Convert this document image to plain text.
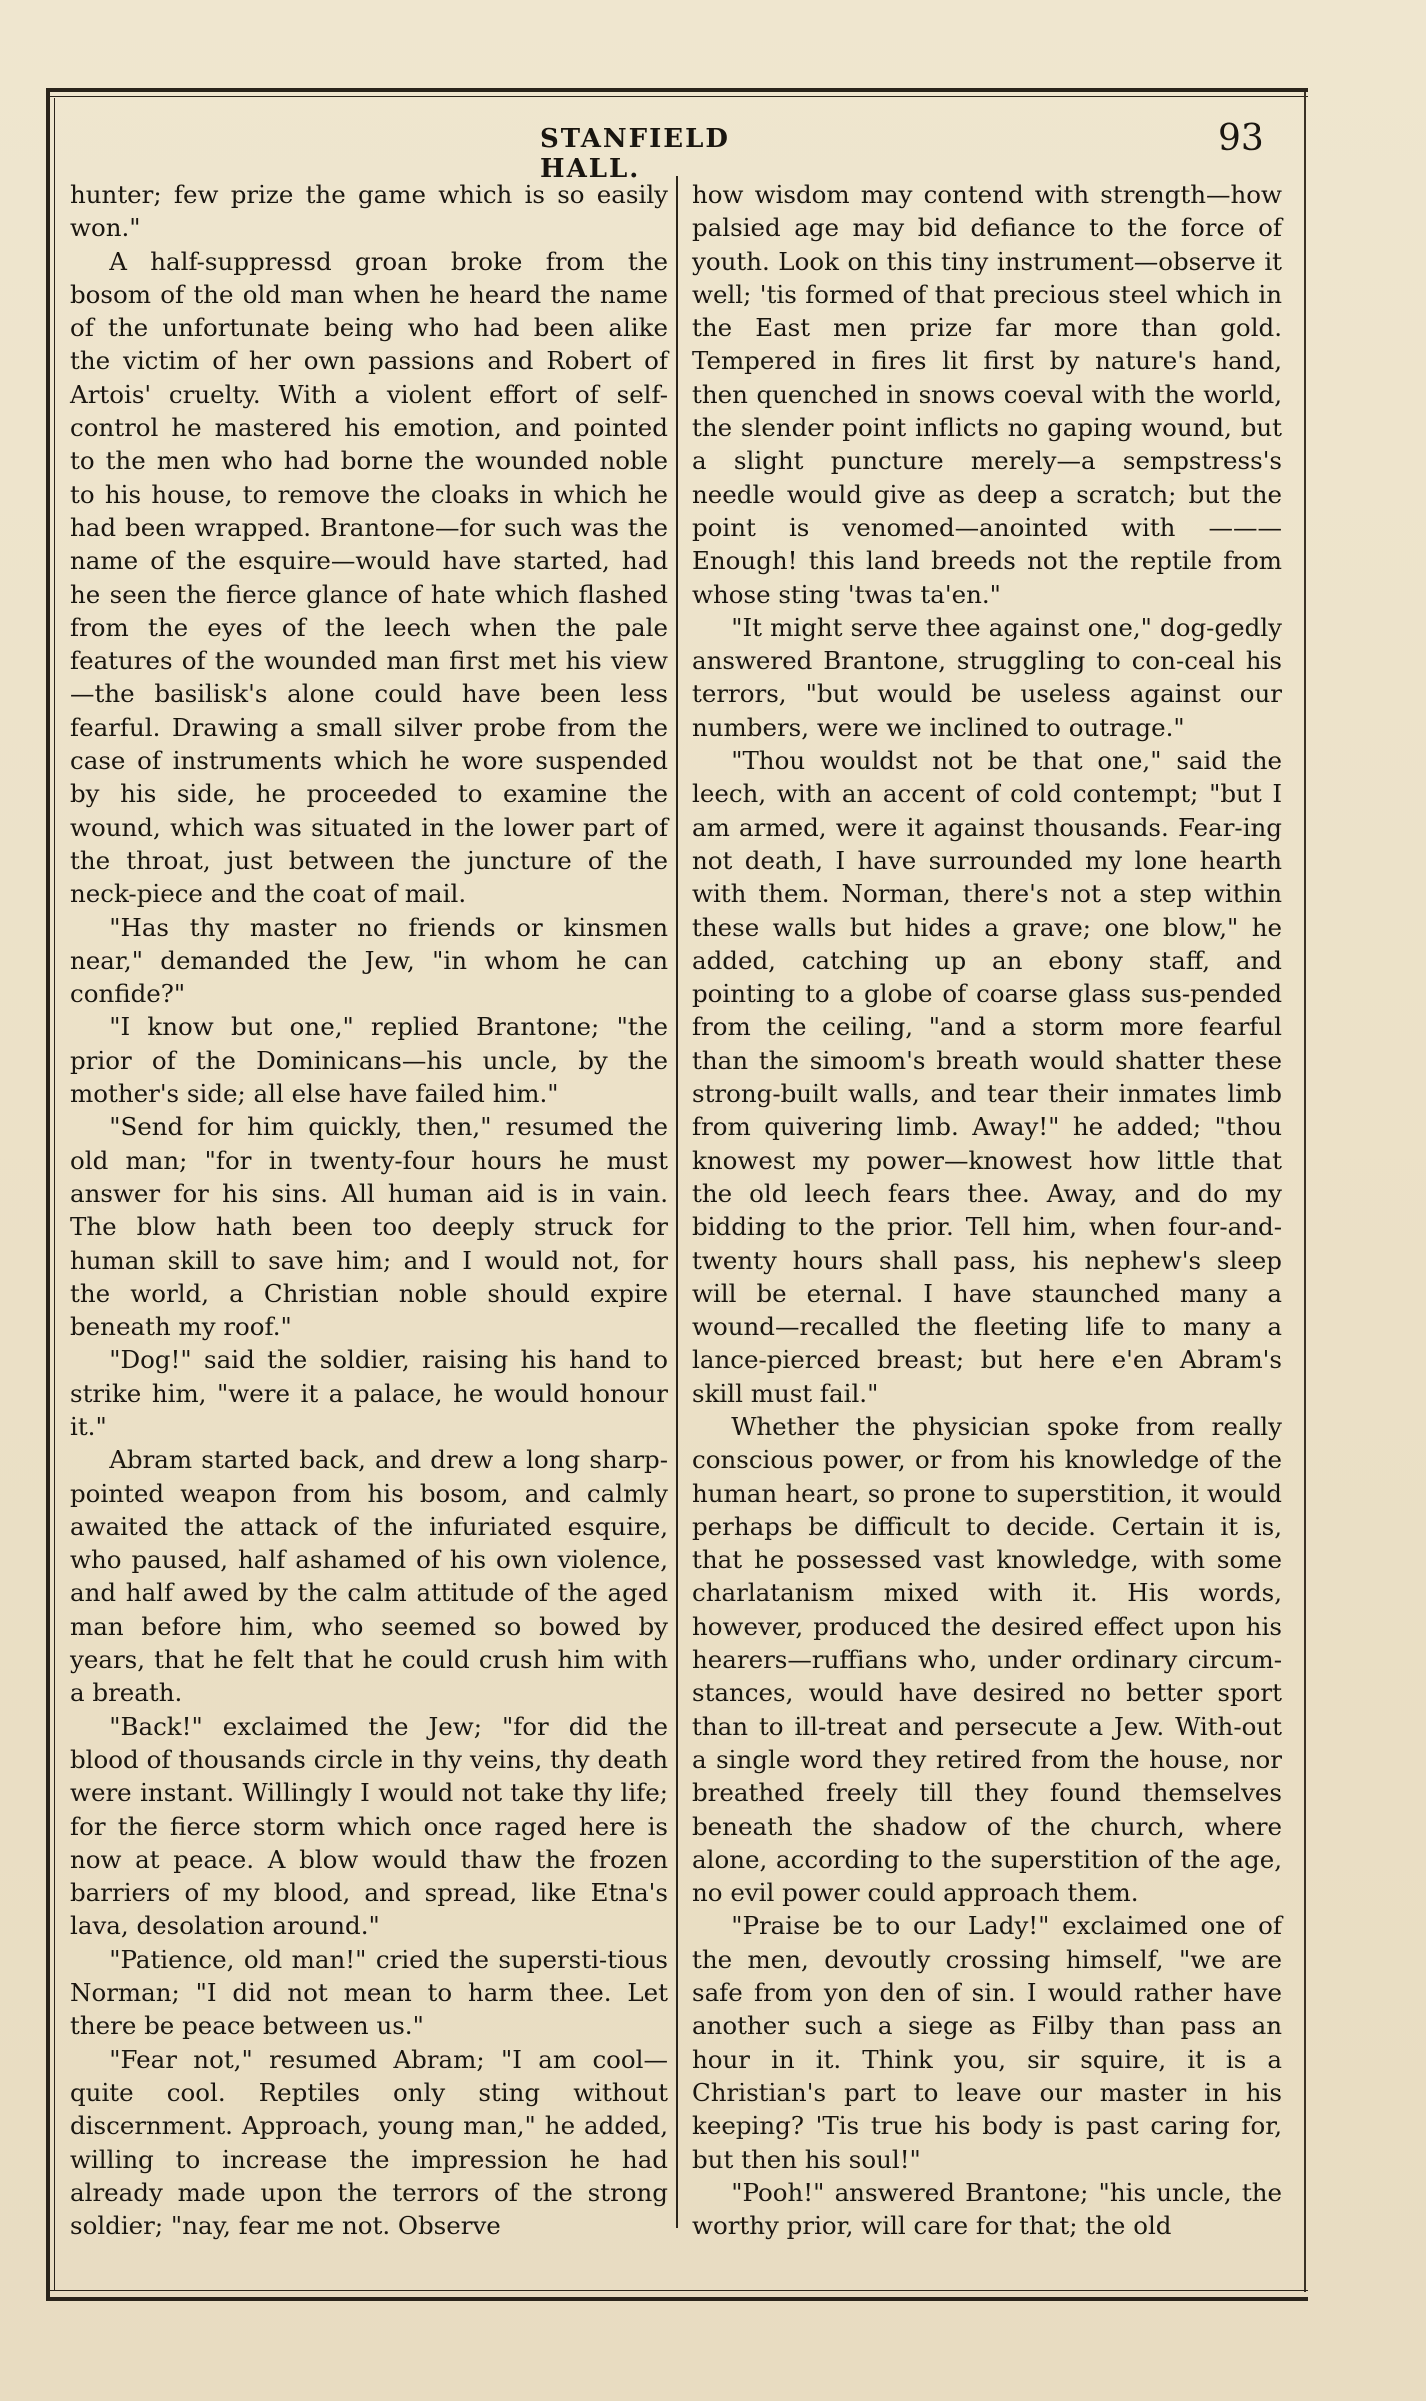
STANFIELD HALL.
93

hunter; few prize the game which is so easily won."

A half-suppressd groan broke from the bosom of the old man when he heard the name of the unfortunate being who had been alike the victim of her own passions and Robert of Artois' cruelty. With a violent effort of self-control he mastered his emotion, and pointed to the men who had borne the wounded noble to his house, to remove the cloaks in which he had been wrapped. Brantone—for such was the name of the esquire—would have started, had he seen the fierce glance of hate which flashed from the eyes of the leech when the pale features of the wounded man first met his view—the basilisk's alone could have been less fearful. Drawing a small silver probe from the case of instruments which he wore suspended by his side, he proceeded to examine the wound, which was situated in the lower part of the throat, just between the juncture of the neck-piece and the coat of mail.

"Has thy master no friends or kinsmen near," demanded the Jew, "in whom he can confide?"

"I know but one," replied Brantone; "the prior of the Dominicans—his uncle, by the mother's side; all else have failed him."

"Send for him quickly, then," resumed the old man; "for in twenty-four hours he must answer for his sins. All human aid is in vain. The blow hath been too deeply struck for human skill to save him; and I would not, for the world, a Christian noble should expire beneath my roof."

"Dog!" said the soldier, raising his hand to strike him, "were it a palace, he would honour it."

Abram started back, and drew a long sharp-pointed weapon from his bosom, and calmly awaited the attack of the infuriated esquire, who paused, half ashamed of his own violence, and half awed by the calm attitude of the aged man before him, who seemed so bowed by years, that he felt that he could crush him with a breath.

"Back!" exclaimed the Jew; "for did the blood of thousands circle in thy veins, thy death were instant. Willingly I would not take thy life; for the fierce storm which once raged here is now at peace. A blow would thaw the frozen barriers of my blood, and spread, like Etna's lava, desolation around."

"Patience, old man!" cried the supersti-tious Norman; "I did not mean to harm thee. Let there be peace between us."

"Fear not," resumed Abram; "I am cool—quite cool. Reptiles only sting without discernment. Approach, young man," he added, willing to increase the impression he had already made upon the terrors of the strong soldier; "nay, fear me not. Observe

how wisdom may contend with strength—how palsied age may bid defiance to the force of youth. Look on this tiny instrument—observe it well; 'tis formed of that precious steel which in the East men prize far more than gold. Tempered in fires lit first by nature's hand, then quenched in snows coeval with the world, the slender point inflicts no gaping wound, but a slight puncture merely—a sempstress's needle would give as deep a scratch; but the point is venomed—anointed with ——— Enough! this land breeds not the reptile from whose sting 'twas ta'en."

"It might serve thee against one," dog-gedly answered Brantone, struggling to con-ceal his terrors, "but would be useless against our numbers, were we inclined to outrage."

"Thou wouldst not be that one," said the leech, with an accent of cold contempt; "but I am armed, were it against thousands. Fear-ing not death, I have surrounded my lone hearth with them. Norman, there's not a step within these walls but hides a grave; one blow," he added, catching up an ebony staff, and pointing to a globe of coarse glass sus-pended from the ceiling, "and a storm more fearful than the simoom's breath would shatter these strong-built walls, and tear their inmates limb from quivering limb. Away!" he added; "thou knowest my power—knowest how little that the old leech fears thee. Away, and do my bidding to the prior. Tell him, when four-and-twenty hours shall pass, his nephew's sleep will be eternal. I have staunched many a wound—recalled the fleeting life to many a lance-pierced breast; but here e'en Abram's skill must fail."

Whether the physician spoke from really conscious power, or from his knowledge of the human heart, so prone to superstition, it would perhaps be difficult to decide. Certain it is, that he possessed vast knowledge, with some charlatanism mixed with it. His words, however, produced the desired effect upon his hearers—ruffians who, under ordinary circum-stances, would have desired no better sport than to ill-treat and persecute a Jew. With-out a single word they retired from the house, nor breathed freely till they found themselves beneath the shadow of the church, where alone, according to the superstition of the age, no evil power could approach them.

"Praise be to our Lady!" exclaimed one of the men, devoutly crossing himself, "we are safe from yon den of sin. I would rather have another such a siege as Filby than pass an hour in it. Think you, sir squire, it is a Christian's part to leave our master in his keeping? 'Tis true his body is past caring for, but then his soul!"

"Pooh!" answered Brantone; "his uncle, the worthy prior, will care for that; the old
